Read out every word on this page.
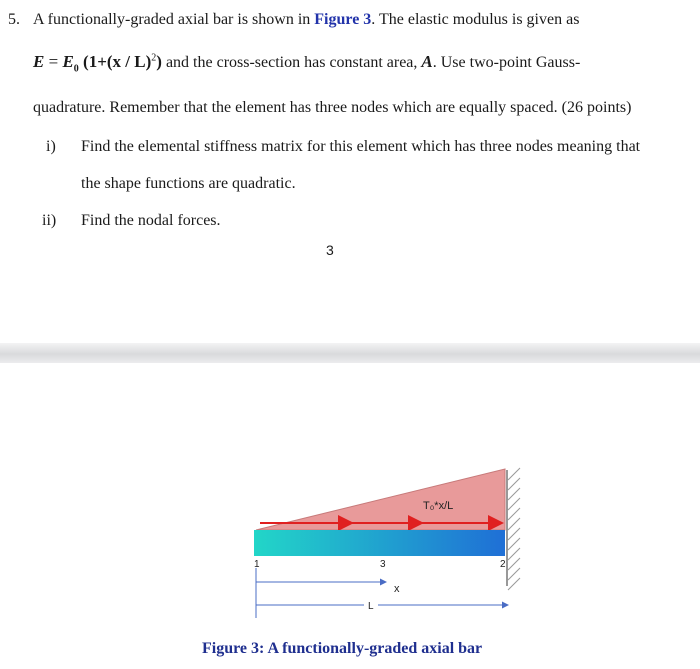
5. A functionally-graded axial bar is shown in Figure 3. The elastic modulus is given as
$E = E_0$ (1+(x / L)$^2$) and the cross-section has constant area, A. Use two-point Gauss-
quadrature. Remember that the element has three nodes which are equally spaced. (26 points)
i) Find the elemental stiffness matrix for this element which has three nodes meaning that
the shape functions are quadratic.
ii) Find the nodal forces.
3
T₀*x/L
1	3	2
x
L
Figure 3: A functionally-graded axial bar
